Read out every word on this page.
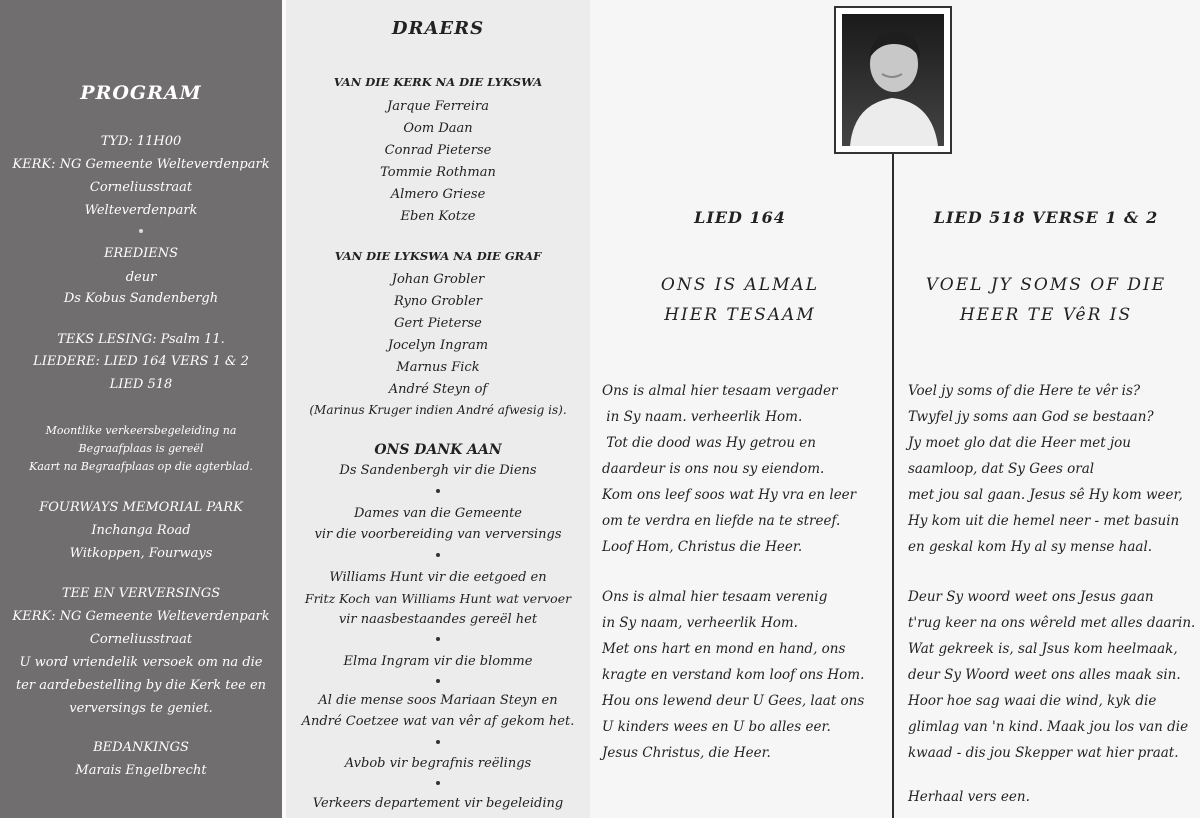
PROGRAM
TYD: 11H00
KERK: NG Gemeente Welteverdenpark
Corneliusstraat
Welteverdenpark
EREDIENS
deur
Ds Kobus Sandenbergh
TEKS LESING: Psalm 11.
LIEDERE: LIED 164 VERS 1 & 2
LIED 518
Moontlike verkeersbegeleiding na
Begraafplaas is gereël
Kaart na Begraafplaas op die agterblad.
FOURWAYS MEMORIAL PARK
Inchanga Road
Witkoppen, Fourways
TEE EN VERVERSINGS
KERK: NG Gemeente Welteverdenpark
Corneliusstraat
U word vriendelik versoek om na die
ter aardebestelling by die Kerk tee en
verversings te geniet.
BEDANKINGS
Marais Engelbrecht
DRAERS
VAN DIE KERK NA DIE LYKSWA
Jarque Ferreira
Oom Daan
Conrad Pieterse
Tommie Rothman
Almero Griese
Eben Kotze
VAN DIE LYKSWA NA DIE GRAF
Johan Grobler
Ryno Grobler
Gert Pieterse
Jocelyn Ingram
Marnus Fick
André Steyn of
(Marinus Kruger indien André afwesig is).
ONS DANK AAN
Ds Sandenbergh vir die Diens
Dames van die Gemeente
vir die voorbereiding van verversings
Williams Hunt vir die eetgoed en
Fritz Koch van Williams Hunt wat vervoer
vir naasbestaandes gereël het
Elma Ingram vir die blomme
Al die mense soos Mariaan Steyn en
André Coetzee wat van vêr af gekom het.
Avbob vir begrafnis reëlings
Verkeers departement vir begeleiding
LIED 164
ONS IS ALMAL
HIER TESAAM
Ons is almal hier tesaam vergader
in Sy naam. verheerlik Hom.
Tot die dood was Hy getrou en
daardeur is ons nou sy eiendom.
Kom ons leef soos wat Hy vra en leer
om te verdra en liefde na te streef.
Loof Hom, Christus die Heer.
Ons is almal hier tesaam verenig
in Sy naam, verheerlik Hom.
Met ons hart en mond en hand, ons
kragte en verstand kom loof ons Hom.
Hou ons lewend deur U Gees, laat ons
U kinders wees en U bo alles eer.
Jesus Christus, die Heer.
LIED 518 VERSE 1 & 2
VOEL JY SOMS OF DIE
HEER TE VêR IS
Voel jy soms of die Here te vêr is?
Twyfel jy soms aan God se bestaan?
Jy moet glo dat die Heer met jou
saamloop, dat Sy Gees oral
met jou sal gaan. Jesus sê Hy kom weer,
Hy kom uit die hemel neer - met basuin
en geskal kom Hy al sy mense haal.
Deur Sy woord weet ons Jesus gaan
t'rug keer na ons wêreld met alles daarin.
Wat gekreek is, sal Jsus kom heelmaak,
deur Sy Woord weet ons alles maak sin.
Hoor hoe sag waai die wind, kyk die
glimlag van 'n kind. Maak jou los van die
kwaad - dis jou Skepper wat hier praat.
Herhaal vers een.
